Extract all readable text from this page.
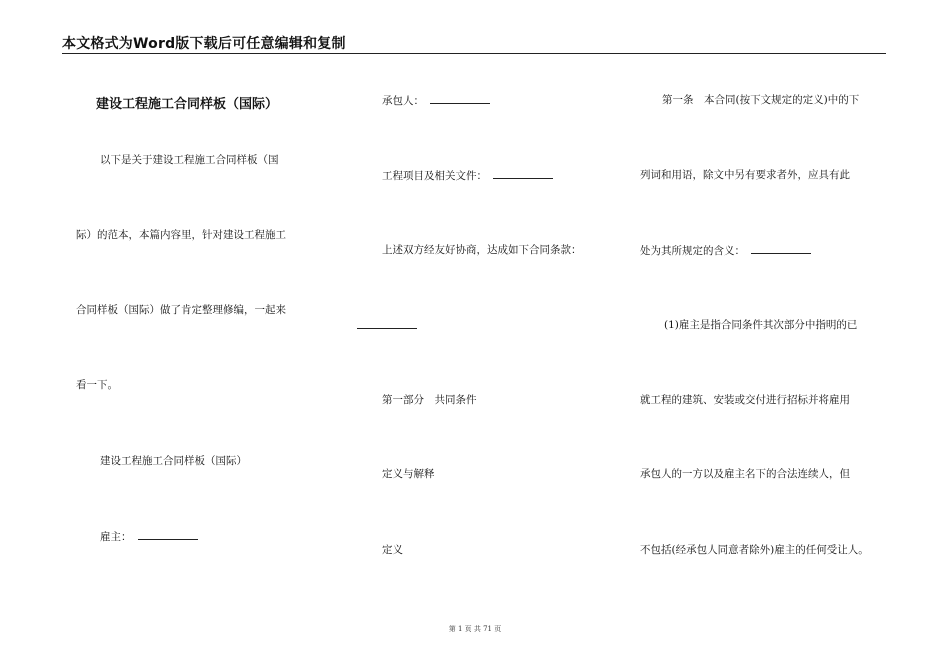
本文格式为Word版下载后可任意编辑和复制
建设工程施工合同样板（国际）
以下是关于建设工程施工合同样板（国
际）的范本，本篇内容里，针对建设工程施工
合同样板（国际）做了肯定整理修编，一起来
看一下。
建设工程施工合同样板（国际）
雇主：
承包人：
工程项目及相关文件：
上述双方经友好协商，达成如下合同条款：
第一部分　共同条件
定义与解释
定义
第一条　本合同(按下文规定的定义)中的下
列词和用语，除文中另有要求者外，应具有此
处为其所规定的含义：
(1)雇主是指合同条件其次部分中指明的已
就工程的建筑、安装或交付进行招标并将雇用
承包人的一方以及雇主名下的合法连续人，但
不包括(经承包人同意者除外)雇主的任何受让人。
第 1 页 共 71 页
